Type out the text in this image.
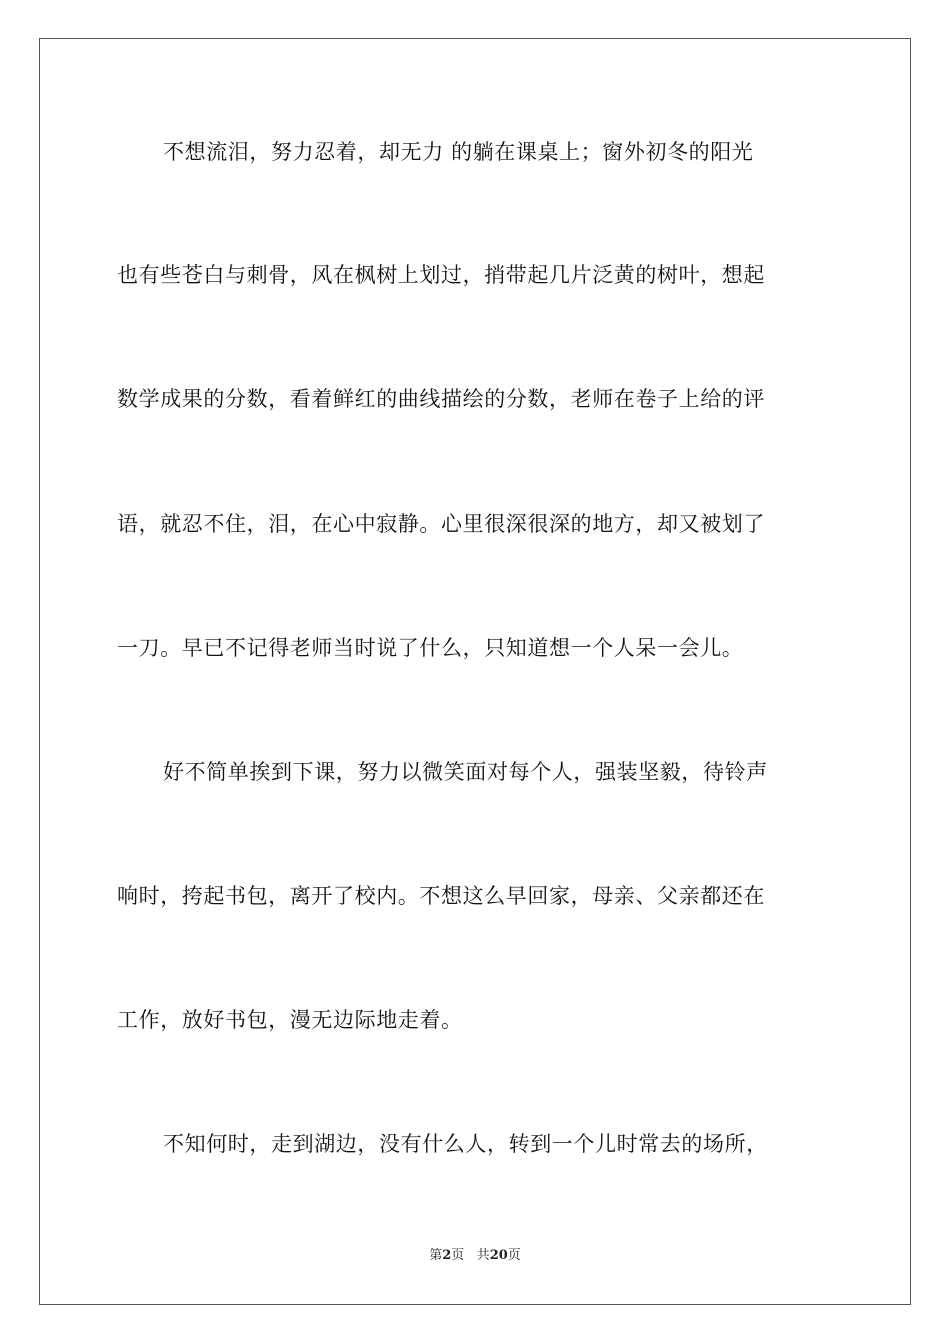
不想流泪，努力忍着，却无力 的躺在课桌上；窗外初冬的阳光
也有些苍白与刺骨，风在枫树上划过，捎带起几片泛黄的树叶，想起
数学成果的分数，看着鲜红的曲线描绘的分数，老师在卷子上给的评
语，就忍不住，泪，在心中寂静。心里很深很深的地方，却又被划了
一刀。早已不记得老师当时说了什么，只知道想一个人呆一会儿。
好不简单挨到下课，努力以微笑面对每个人，强装坚毅，待铃声
响时，挎起书包，离开了校内。不想这么早回家，母亲、父亲都还在
工作，放好书包，漫无边际地走着。
不知何时，走到湖边，没有什么人，转到一个儿时常去的场所，
第2页 共20页
